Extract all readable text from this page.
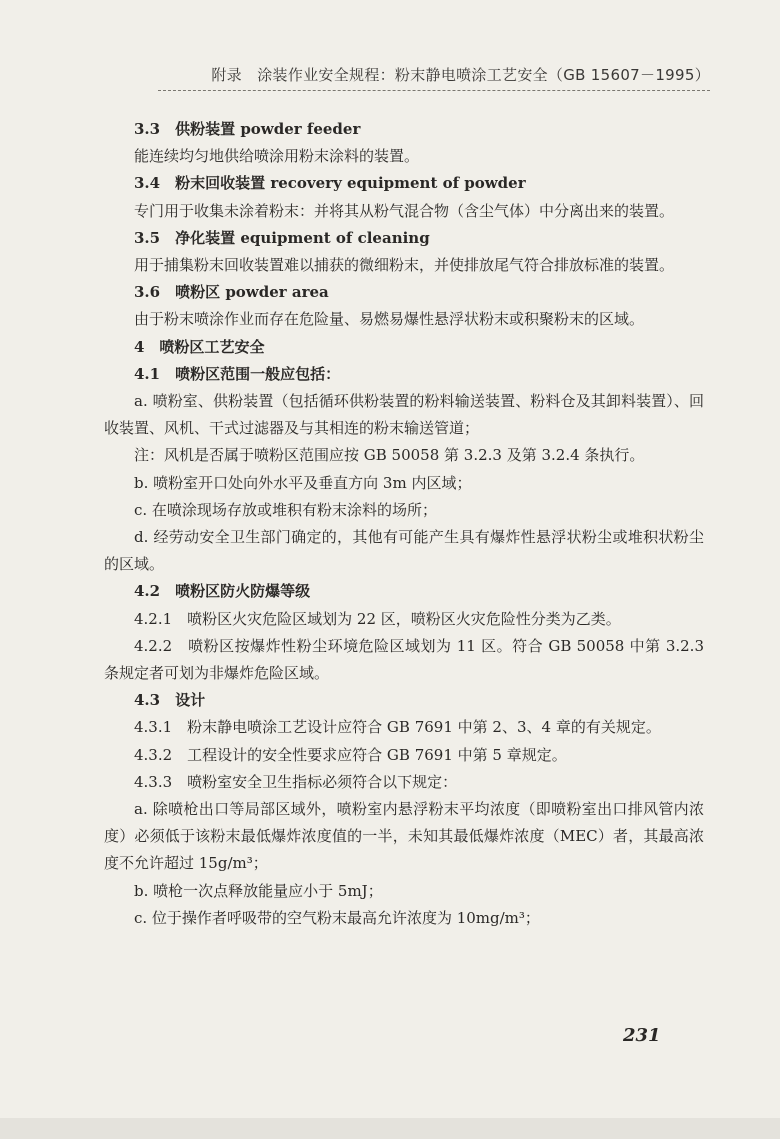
附录　涂装作业安全规程：粉末静电喷涂工艺安全（GB 15607－1995）

3.3　供粉装置 powder feeder

能连续均匀地供给喷涂用粉末涂料的装置。

3.4　粉末回收装置 recovery equipment of powder

专门用于收集未涂着粉末：并将其从粉气混合物（含尘气体）中分离出来的装置。

3.5　净化装置 equipment of cleaning

用于捕集粉末回收装置难以捕获的微细粉末，并使排放尾气符合排放标准的装置。

3.6　喷粉区 powder area

由于粉末喷涂作业而存在危险量、易燃易爆性悬浮状粉末或积聚粉末的区域。

4　喷粉区工艺安全

4.1　喷粉区范围一般应包括：

a. 喷粉室、供粉装置（包括循环供粉装置的粉料输送装置、粉料仓及其卸料装置）、回收装置、风机、干式过滤器及与其相连的粉末输送管道；

注：风机是否属于喷粉区范围应按 GB 50058 第 3.2.3 及第 3.2.4 条执行。

b. 喷粉室开口处向外水平及垂直方向 3m 内区域；

c. 在喷涂现场存放或堆积有粉末涂料的场所；

d. 经劳动安全卫生部门确定的，其他有可能产生具有爆炸性悬浮状粉尘或堆积状粉尘的区域。

4.2　喷粉区防火防爆等级

4.2.1　喷粉区火灾危险区域划为 22 区，喷粉区火灾危险性分类为乙类。

4.2.2　喷粉区按爆炸性粉尘环境危险区域划为 11 区。符合 GB 50058 中第 3.2.3 条规定者可划为非爆炸危险区域。

4.3　设计

4.3.1　粉末静电喷涂工艺设计应符合 GB 7691 中第 2、3、4 章的有关规定。

4.3.2　工程设计的安全性要求应符合 GB 7691 中第 5 章规定。

4.3.3　喷粉室安全卫生指标必须符合以下规定：

a. 除喷枪出口等局部区域外，喷粉室内悬浮粉末平均浓度（即喷粉室出口排风管内浓度）必须低于该粉末最低爆炸浓度值的一半，未知其最低爆炸浓度（MEC）者，其最高浓度不允许超过 15g/m³；

b. 喷枪一次点释放能量应小于 5mJ；

c. 位于操作者呼吸带的空气粉末最高允许浓度为 10mg/m³；

231
